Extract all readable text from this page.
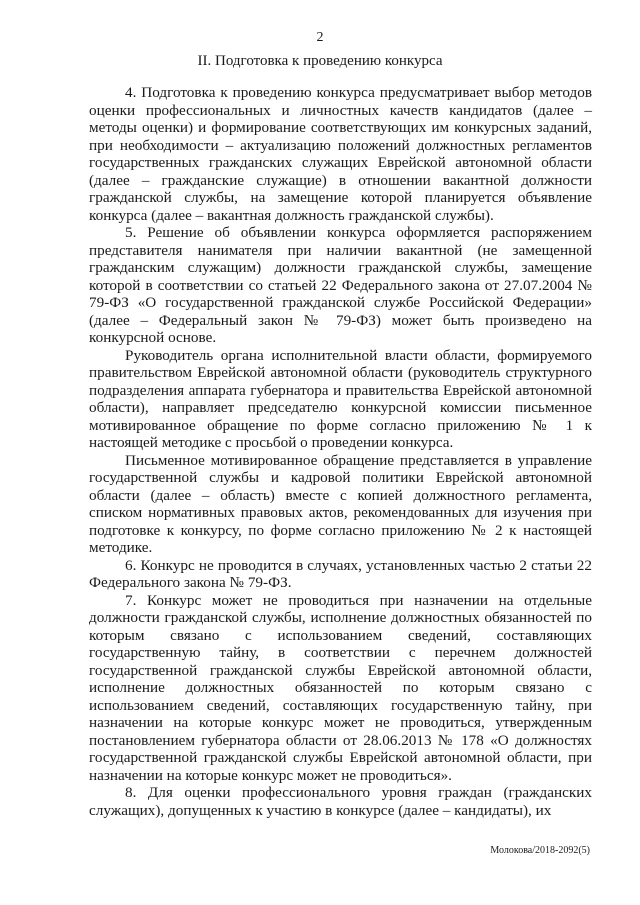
2
II. Подготовка к проведению конкурса

4. Подготовка к проведению конкурса предусматривает выбор методов оценки профессиональных и личностных качеств кандидатов (далее – методы оценки) и формирование соответствующих им конкурсных заданий, при необходимости – актуализацию положений должностных регламентов государственных гражданских служащих Еврейской автономной области (далее – гражданские служащие) в отношении вакантной должности гражданской службы, на замещение которой планируется объявление конкурса (далее – вакантная должность гражданской службы).

5. Решение об объявлении конкурса оформляется распоряжением представителя нанимателя при наличии вакантной (не замещенной гражданским служащим) должности гражданской службы, замещение которой в соответствии со статьей 22 Федерального закона от 27.07.2004 № 79-ФЗ «О государственной гражданской службе Российской Федерации» (далее – Федеральный закон № 79-ФЗ) может быть произведено на конкурсной основе.

Руководитель органа исполнительной власти области, формируемого правительством Еврейской автономной области (руководитель структурного подразделения аппарата губернатора и правительства Еврейской автономной области), направляет председателю конкурсной комиссии письменное мотивированное обращение по форме согласно приложению № 1 к настоящей методике с просьбой о проведении конкурса.

Письменное мотивированное обращение представляется в управление государственной службы и кадровой политики Еврейской автономной области (далее – область) вместе с копией должностного регламента, списком нормативных правовых актов, рекомендованных для изучения при подготовке к конкурсу, по форме согласно приложению № 2 к настоящей методике.

6. Конкурс не проводится в случаях, установленных частью 2 статьи 22 Федерального закона № 79-ФЗ.

7. Конкурс может не проводиться при назначении на отдельные должности гражданской службы, исполнение должностных обязанностей по которым связано с использованием сведений, составляющих государственную тайну, в соответствии с перечнем должностей государственной гражданской службы Еврейской автономной области, исполнение должностных обязанностей по которым связано с использованием сведений, составляющих государственную тайну, при назначении на которые конкурс может не проводиться, утвержденным постановлением губернатора области от 28.06.2013 № 178 «О должностях государственной гражданской службы Еврейской автономной области, при назначении на которые конкурс может не проводиться».

8. Для оценки профессионального уровня граждан (гражданских служащих), допущенных к участию в конкурсе (далее – кандидаты), их

Молокова/2018-2092(5)
